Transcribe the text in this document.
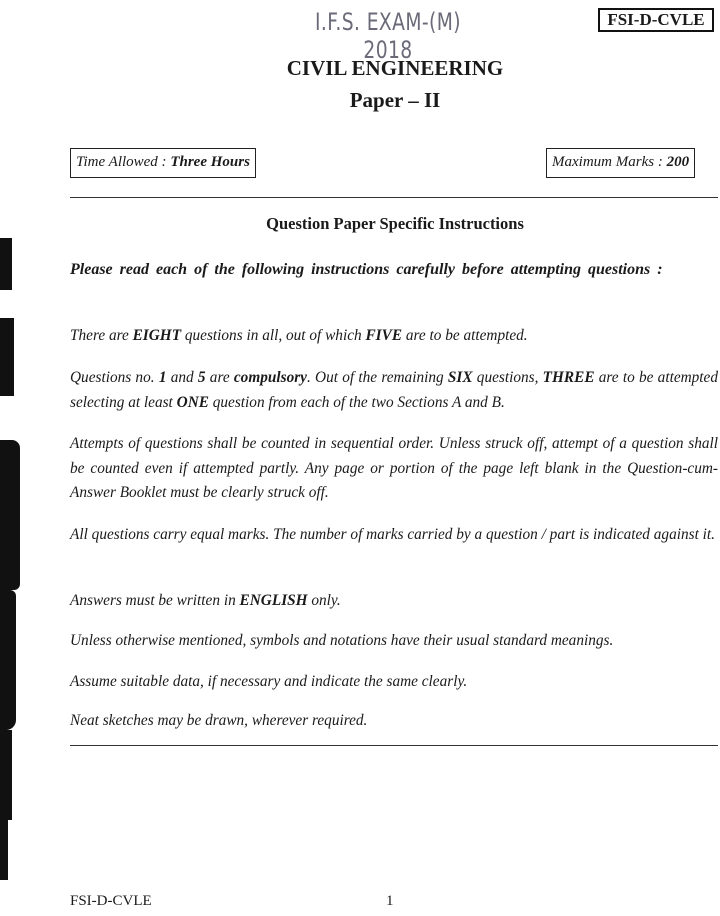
I.F.S. EXAM-(M) 2018
FSI-D-CVLE
CIVIL ENGINEERING
Paper – II
Time Allowed : Three Hours	Maximum Marks : 200
Question Paper Specific Instructions
Please read each of the following instructions carefully before attempting questions :
There are EIGHT questions in all, out of which FIVE are to be attempted.
Questions no. 1 and 5 are compulsory. Out of the remaining SIX questions, THREE are to be attempted selecting at least ONE question from each of the two Sections A and B.
Attempts of questions shall be counted in sequential order. Unless struck off, attempt of a question shall be counted even if attempted partly. Any page or portion of the page left blank in the Question-cum-Answer Booklet must be clearly struck off.
All questions carry equal marks. The number of marks carried by a question / part is indicated against it.
Answers must be written in ENGLISH only.
Unless otherwise mentioned, symbols and notations have their usual standard meanings.
Assume suitable data, if necessary and indicate the same clearly.
Neat sketches may be drawn, wherever required.
FSI-D-CVLE	1
